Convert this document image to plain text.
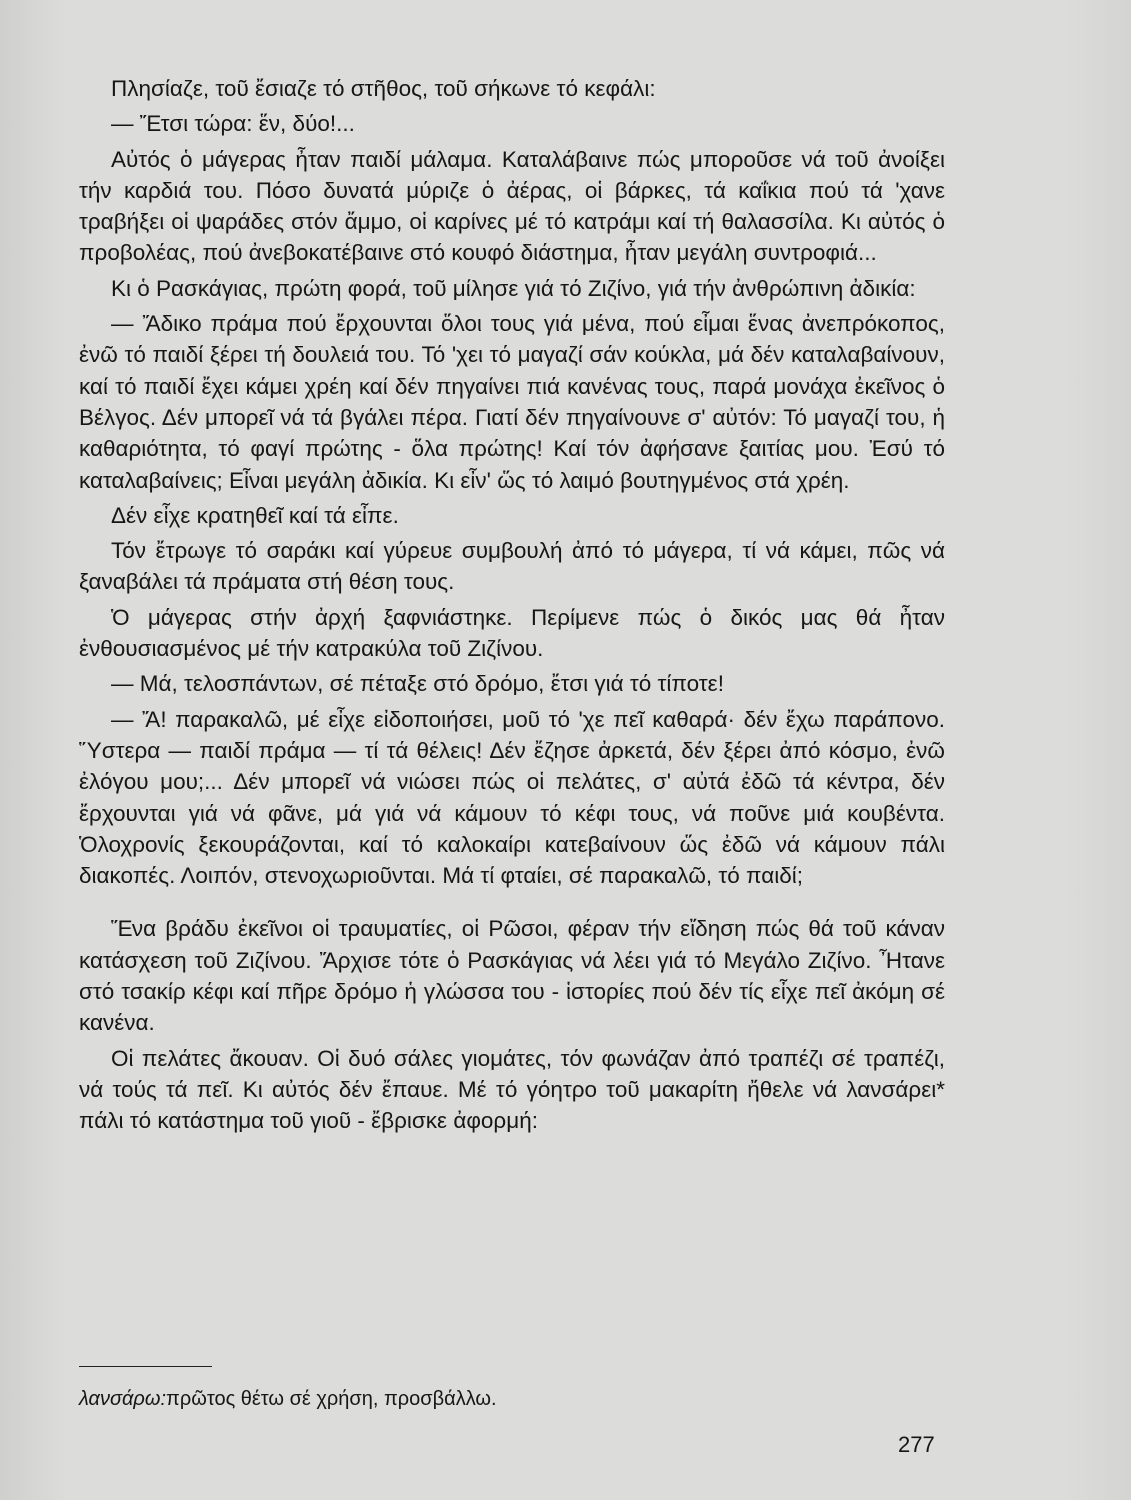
Πλησίαζε, τοῦ ἔσιαζε τό στῆθος, τοῦ σήκωνε τό κεφάλι:

— Ἔτσι τώρα: ἕν, δύο!...

Αὐτός ὁ μάγερας ἦταν παιδί μάλαμα. Καταλάβαινε πώς μποροῦσε νά τοῦ ἀνοίξει τήν καρδιά του. Πόσο δυνατά μύριζε ὁ ἀέρας, οἱ βάρκες, τά καΐκια πού τά 'χανε τραβήξει οἱ ψαράδες στόν ἄμμο, οἱ καρίνες μέ τό κατράμι καί τή θαλασσίλα. Κι αὐτός ὁ προβολέας, πού ἀνεβοκατέβαινε στό κουφό διάστημα, ἦταν μεγάλη συντροφιά...

Κι ὁ Ρασκάγιας, πρώτη φορά, τοῦ μίλησε γιά τό Ζιζίνο, γιά τήν ἀνθρώπινη ἀδικία:

— Ἄδικο πράμα πού ἔρχουνται ὅλοι τους γιά μένα, πού εἶμαι ἕνας ἀνεπρόκοπος, ἐνῶ τό παιδί ξέρει τή δουλειά του. Τό 'χει τό μαγαζί σάν κούκλα, μά δέν καταλαβαίνουν, καί τό παιδί ἔχει κάμει χρέη καί δέν πηγαίνει πιά κανένας τους, παρά μονάχα ἐκεῖνος ὁ Βέλγος. Δέν μπορεῖ νά τά βγάλει πέρα. Γιατί δέν πηγαίνουνε σ' αὐτόν: Τό μαγαζί του, ἡ καθαριότητα, τό φαγί πρώτης - ὅλα πρώτης! Καί τόν ἀφήσανε ξαιτίας μου. Ἐσύ τό καταλαβαίνεις; Εἶναι μεγάλη ἀδικία. Κι εἶν' ὥς τό λαιμό βουτηγμένος στά χρέη.

Δέν εἶχε κρατηθεῖ καί τά εἶπε.

Τόν ἔτρωγε τό σαράκι καί γύρευε συμβουλή ἀπό τό μάγερα, τί νά κάμει, πῶς νά ξαναβάλει τά πράματα στή θέση τους.

Ὁ μάγερας στήν ἀρχή ξαφνιάστηκε. Περίμενε πώς ὁ δικός μας θά ἦταν ἐνθουσιασμένος μέ τήν κατρακύλα τοῦ Ζιζίνου.

— Μά, τελοσπάντων, σέ πέταξε στό δρόμο, ἔτσι γιά τό τίποτε!

— Ἄ! παρακαλῶ, μέ εἶχε εἰδοποιήσει, μοῦ τό 'χε πεῖ καθαρά· δέν ἔχω παράπονο. Ὕστερα — παιδί πράμα — τί τά θέλεις! Δέν ἔζησε ἀρκετά, δέν ξέρει ἀπό κόσμο, ἐνῶ ἐλόγου μου;... Δέν μπορεῖ νά νιώσει πώς οἱ πελάτες, σ' αὐτά ἐδῶ τά κέντρα, δέν ἔρχουνται γιά νά φᾶνε, μά γιά νά κάμουν τό κέφι τους, νά ποῦνε μιά κουβέντα. Ὁλοχρονίς ξεκουράζονται, καί τό καλοκαίρι κατεβαίνουν ὥς ἐδῶ νά κάμουν πάλι διακοπές. Λοιπόν, στενοχωριοῦνται. Μά τί φταίει, σέ παρακαλῶ, τό παιδί;

Ἕνα βράδυ ἐκεῖνοι οἱ τραυματίες, οἱ Ρῶσοι, φέραν τήν εἴδηση πώς θά τοῦ κάναν κατάσχεση τοῦ Ζιζίνου. Ἄρχισε τότε ὁ Ρασκάγιας νά λέει γιά τό Μεγάλο Ζιζίνο. Ἦτανε στό τσακίρ κέφι καί πῆρε δρόμο ἡ γλώσσα του - ἱστορίες πού δέν τίς εἶχε πεῖ ἀκόμη σέ κανένα.

Οἱ πελάτες ἄκουαν. Οἱ δυό σάλες γιομάτες, τόν φωνάζαν ἀπό τραπέζι σέ τραπέζι, νά τούς τά πεῖ. Κι αὐτός δέν ἔπαυε. Μέ τό γόητρο τοῦ μακαρίτη ἤθελε νά λανσάρει* πάλι τό κατάστημα τοῦ γιοῦ - ἔβρισκε ἀφορμή:

λανσάρω:πρῶτος θέτω σέ χρήση, προσβάλλω.
277
